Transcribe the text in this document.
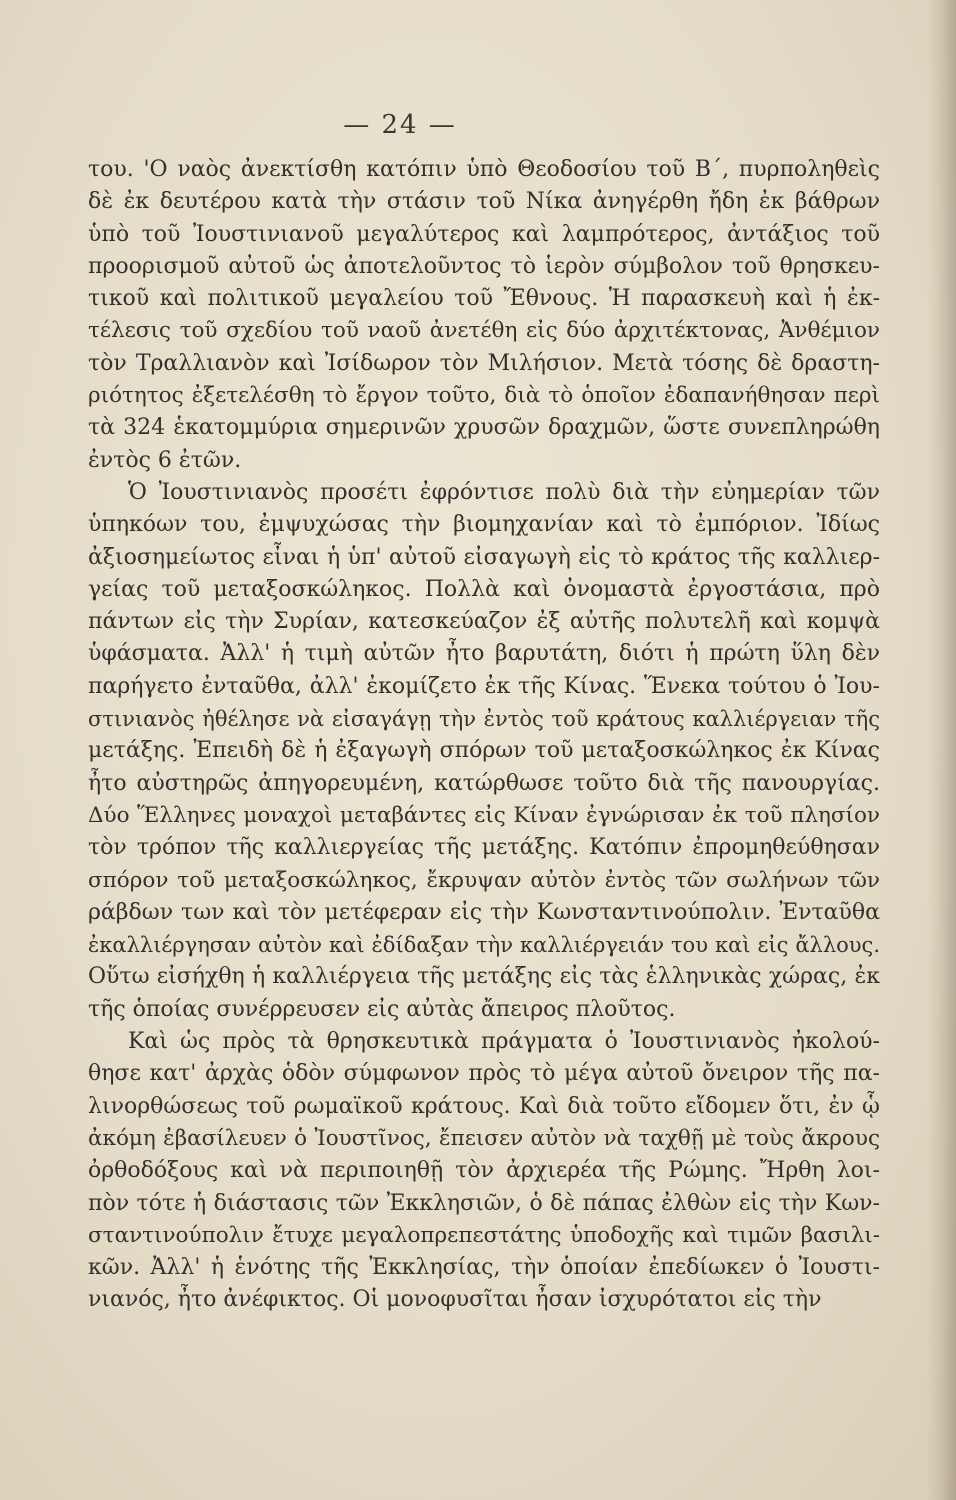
— 24 —
του. 'Ο ναὸς ἀνεκτίσθη κατόπιν ὑπὸ Θεοδοσίου τοῦ Β΄, πυρποληθεὶς
δὲ ἐκ δευτέρου κατὰ τὴν στάσιν τοῦ Νίκα ἀνηγέρθη ἤδη ἐκ βάθρων
ὑπὸ τοῦ Ἰουστινιανοῦ μεγαλύτερος καὶ λαμπρότερος, ἀντάξιος τοῦ
προορισμοῦ αὐτοῦ ὡς ἀποτελοῦντος τὸ ἱερὸν σύμβολον τοῦ θρησκευ-
τικοῦ καὶ πολιτικοῦ μεγαλείου τοῦ Ἔθνους. Ἡ παρασκευὴ καὶ ἡ ἐκ-
τέλεσις τοῦ σχεδίου τοῦ ναοῦ ἀνετέθη εἰς δύο ἀρχιτέκτονας, Ἀνθέμιον
τὸν Τραλλιανὸν καὶ Ἰσίδωρον τὸν Μιλήσιον. Μετὰ τόσης δὲ δραστη-
ριότητος ἐξετελέσθη τὸ ἔργον τοῦτο, διὰ τὸ ὁποῖον ἐδαπανήθησαν περὶ
τὰ 324 ἑκατομμύρια σημερινῶν χρυσῶν δραχμῶν, ὥστε συνεπληρώθη
ἐντὸς 6 ἐτῶν.
Ὁ Ἰουστινιανὸς προσέτι ἐφρόντισε πολὺ διὰ τὴν εὐημερίαν τῶν
ὑπηκόων του, ἐμψυχώσας τὴν βιομηχανίαν καὶ τὸ ἐμπόριον. Ἰδίως
ἀξιοσημείωτος εἶναι ἡ ὑπ' αὐτοῦ εἰσαγωγὴ εἰς τὸ κράτος τῆς καλλιερ-
γείας τοῦ μεταξοσκώληκος. Πολλὰ καὶ ὀνομαστὰ ἐργοστάσια, πρὸ
πάντων εἰς τὴν Συρίαν, κατεσκεύαζον ἐξ αὐτῆς πολυτελῆ καὶ κομψὰ
ὑφάσματα. Ἀλλ' ἡ τιμὴ αὐτῶν ἦτο βαρυτάτη, διότι ἡ πρώτη ὕλη δὲν
παρήγετο ἐνταῦθα, ἀλλ' ἐκομίζετο ἐκ τῆς Κίνας. Ἕνεκα τούτου ὁ Ἰου-
στινιανὸς ἠθέλησε νὰ εἰσαγάγῃ τὴν ἐντὸς τοῦ κράτους καλλιέργειαν τῆς
μετάξης. Ἐπειδὴ δὲ ἡ ἐξαγωγὴ σπόρων τοῦ μεταξοσκώληκος ἐκ Κίνας
ἦτο αὐστηρῶς ἀπηγορευμένη, κατώρθωσε τοῦτο διὰ τῆς πανουργίας.
Δύο Ἕλληνες μοναχοὶ μεταβάντες εἰς Κίναν ἐγνώρισαν ἐκ τοῦ πλησίον
τὸν τρόπον τῆς καλλιεργείας τῆς μετάξης. Κατόπιν ἐπρομηθεύθησαν
σπόρον τοῦ μεταξοσκώληκος, ἔκρυψαν αὐτὸν ἐντὸς τῶν σωλήνων τῶν
ράβδων των καὶ τὸν μετέφεραν εἰς τὴν Κωνσταντινούπολιν. Ἐνταῦθα
ἐκαλλιέργησαν αὐτὸν καὶ ἐδίδαξαν τὴν καλλιέργειάν του καὶ εἰς ἄλλους.
Οὕτω εἰσήχθη ἡ καλλιέργεια τῆς μετάξης εἰς τὰς ἑλληνικὰς χώρας, ἐκ
τῆς ὁποίας συνέρρευσεν εἰς αὐτὰς ἄπειρος πλοῦτος.
Καὶ ὡς πρὸς τὰ θρησκευτικὰ πράγματα ὁ Ἰουστινιανὸς ἠκολού-
θησε κατ' ἀρχὰς ὁδὸν σύμφωνον πρὸς τὸ μέγα αὐτοῦ ὄνειρον τῆς πα-
λινορθώσεως τοῦ ρωμαϊκοῦ κράτους. Καὶ διὰ τοῦτο εἴδομεν ὅτι, ἐν ᾧ
ἀκόμη ἐβασίλευεν ὁ Ἰουστῖνος, ἔπεισεν αὐτὸν νὰ ταχθῇ μὲ τοὺς ἄκρους
ὀρθοδόξους καὶ νὰ περιποιηθῇ τὸν ἀρχιερέα τῆς Ρώμης. Ἤρθη λοι-
πὸν τότε ἡ διάστασις τῶν Ἐκκλησιῶν, ὁ δὲ πάπας ἐλθὼν εἰς τὴν Κων-
σταντινούπολιν ἔτυχε μεγαλοπρεπεστάτης ὑποδοχῆς καὶ τιμῶν βασιλι-
κῶν. Ἀλλ' ἡ ἑνότης τῆς Ἐκκλησίας, τὴν ὁποίαν ἐπεδίωκεν ὁ Ἰουστι-
νιανός, ἦτο ἀνέφικτος. Οἱ μονοφυσῖται ἦσαν ἰσχυρότατοι εἰς τὴν
